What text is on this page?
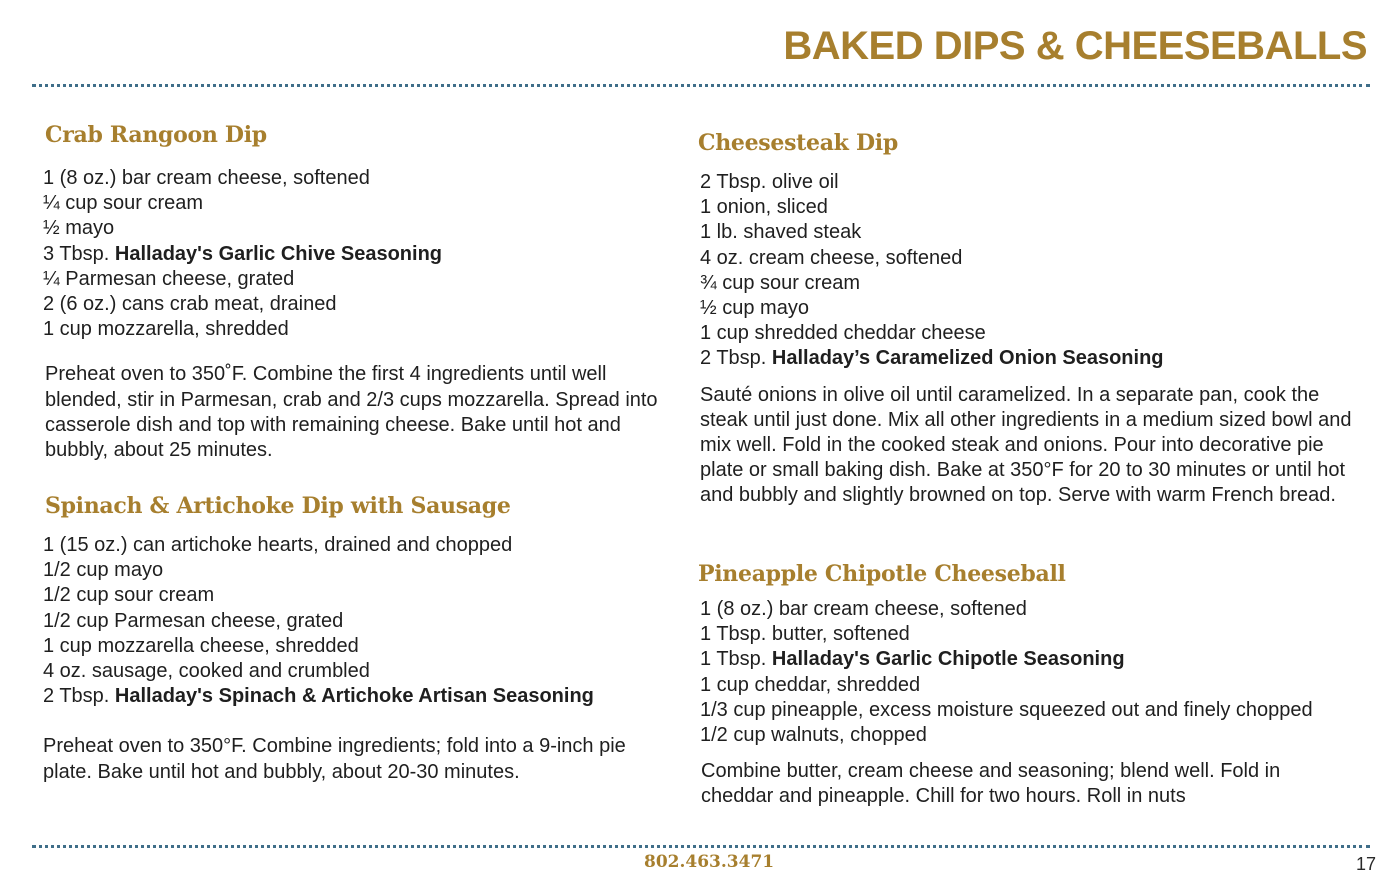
BAKED DIPS & CHEESEBALLS
Crab Rangoon Dip
1 (8 oz.) bar cream cheese, softened
¼ cup sour cream
½ mayo
3 Tbsp. Halladay's Garlic Chive Seasoning
¼ Parmesan cheese, grated
2 (6 oz.) cans crab meat, drained
1 cup mozzarella, shredded

Preheat oven to 350˚F. Combine the first 4 ingredients until well blended, stir in Parmesan, crab and 2/3 cups mozzarella. Spread into casserole dish and top with remaining cheese. Bake until hot and bubbly, about 25 minutes.

Spinach & Artichoke Dip with Sausage
1 (15 oz.) can artichoke hearts, drained and chopped
1/2 cup mayo
1/2 cup sour cream
1/2 cup Parmesan cheese, grated
1 cup mozzarella cheese, shredded
4 oz. sausage, cooked and crumbled
2 Tbsp. Halladay's Spinach & Artichoke Artisan Seasoning

Preheat oven to 350°F. Combine ingredients; fold into a 9-inch pie plate. Bake until hot and bubbly, about 20-30 minutes.

Cheesesteak Dip
2 Tbsp. olive oil
1 onion, sliced
1 lb. shaved steak
4 oz. cream cheese, softened
¾ cup sour cream
½ cup mayo
1 cup shredded cheddar cheese
2 Tbsp. Halladay’s Caramelized Onion Seasoning

Sauté onions in olive oil until caramelized. In a separate pan, cook the steak until just done. Mix all other ingredients in a medium sized bowl and mix well. Fold in the cooked steak and onions. Pour into decorative pie plate or small baking dish. Bake at 350°F for 20 to 30 minutes or until hot and bubbly and slightly browned on top. Serve with warm French bread.

Pineapple Chipotle Cheeseball
1 (8 oz.) bar cream cheese, softened
1 Tbsp. butter, softened
1 Tbsp. Halladay's Garlic Chipotle Seasoning
1 cup cheddar, shredded
1/3 cup pineapple, excess moisture squeezed out and finely chopped
1/2 cup walnuts, chopped

Combine butter, cream cheese and seasoning; blend well. Fold in cheddar and pineapple. Chill for two hours. Roll in nuts

802.463.3471	17
